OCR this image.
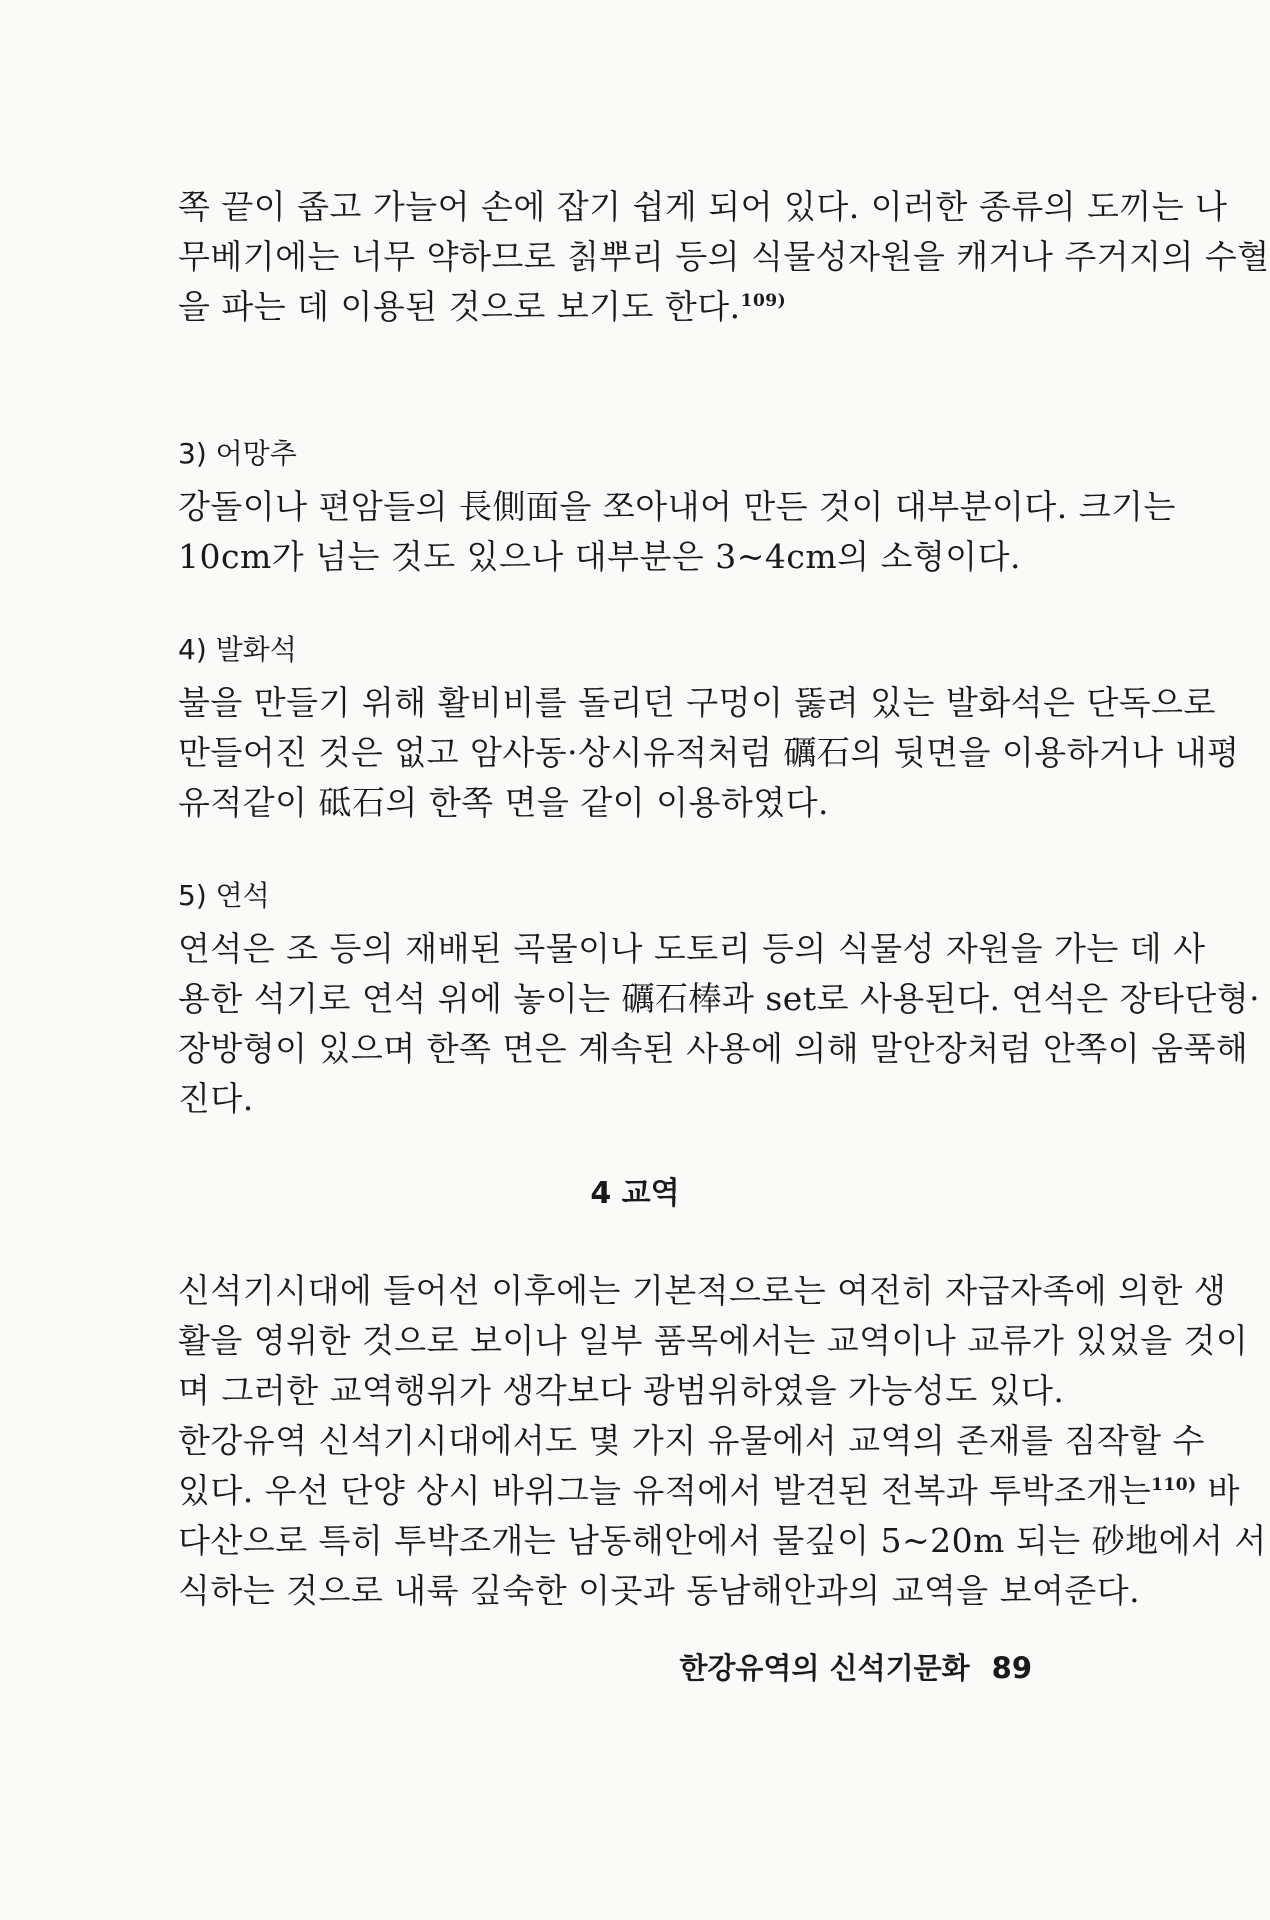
쪽 끝이 좁고 가늘어 손에 잡기 쉽게 되어 있다. 이러한 종류의 도끼는 나
무베기에는 너무 약하므로 칡뿌리 등의 식물성자원을 캐거나 주거지의 수혈
을 파는 데 이용된 것으로 보기도 한다.$^{109)}$
3) 어망추
강돌이나 편암들의 長側面을 쪼아내어 만든 것이 대부분이다. 크기는
10cm가 넘는 것도 있으나 대부분은 3~4cm의 소형이다.
4) 발화석
불을 만들기 위해 활비비를 돌리던 구멍이 뚫려 있는 발화석은 단독으로
만들어진 것은 없고 암사동·상시유적처럼 礪石의 뒷면을 이용하거나 내평
유적같이 砥石의 한쪽 면을 같이 이용하였다.
5) 연석
연석은 조 등의 재배된 곡물이나 도토리 등의 식물성 자원을 가는 데 사
용한 석기로 연석 위에 놓이는 礪石棒과 set로 사용된다. 연석은 장타단형·
장방형이 있으며 한쪽 면은 계속된 사용에 의해 말안장처럼 안쪽이 움푹해
진다.
4 교역
신석기시대에 들어선 이후에는 기본적으로는 여전히 자급자족에 의한 생
활을 영위한 것으로 보이나 일부 품목에서는 교역이나 교류가 있었을 것이
며 그러한 교역행위가 생각보다 광범위하였을 가능성도 있다.
한강유역 신석기시대에서도 몇 가지 유물에서 교역의 존재를 짐작할 수
있다. 우선 단양 상시 바위그늘 유적에서 발견된 전복과 투박조개는$^{110)}$ 바
다산으로 특히 투박조개는 남동해안에서 물깊이 5~20m 되는 砂地에서 서
식하는 것으로 내륙 깊숙한 이곳과 동남해안과의 교역을 보여준다.
한강유역의 신석기문화 89
